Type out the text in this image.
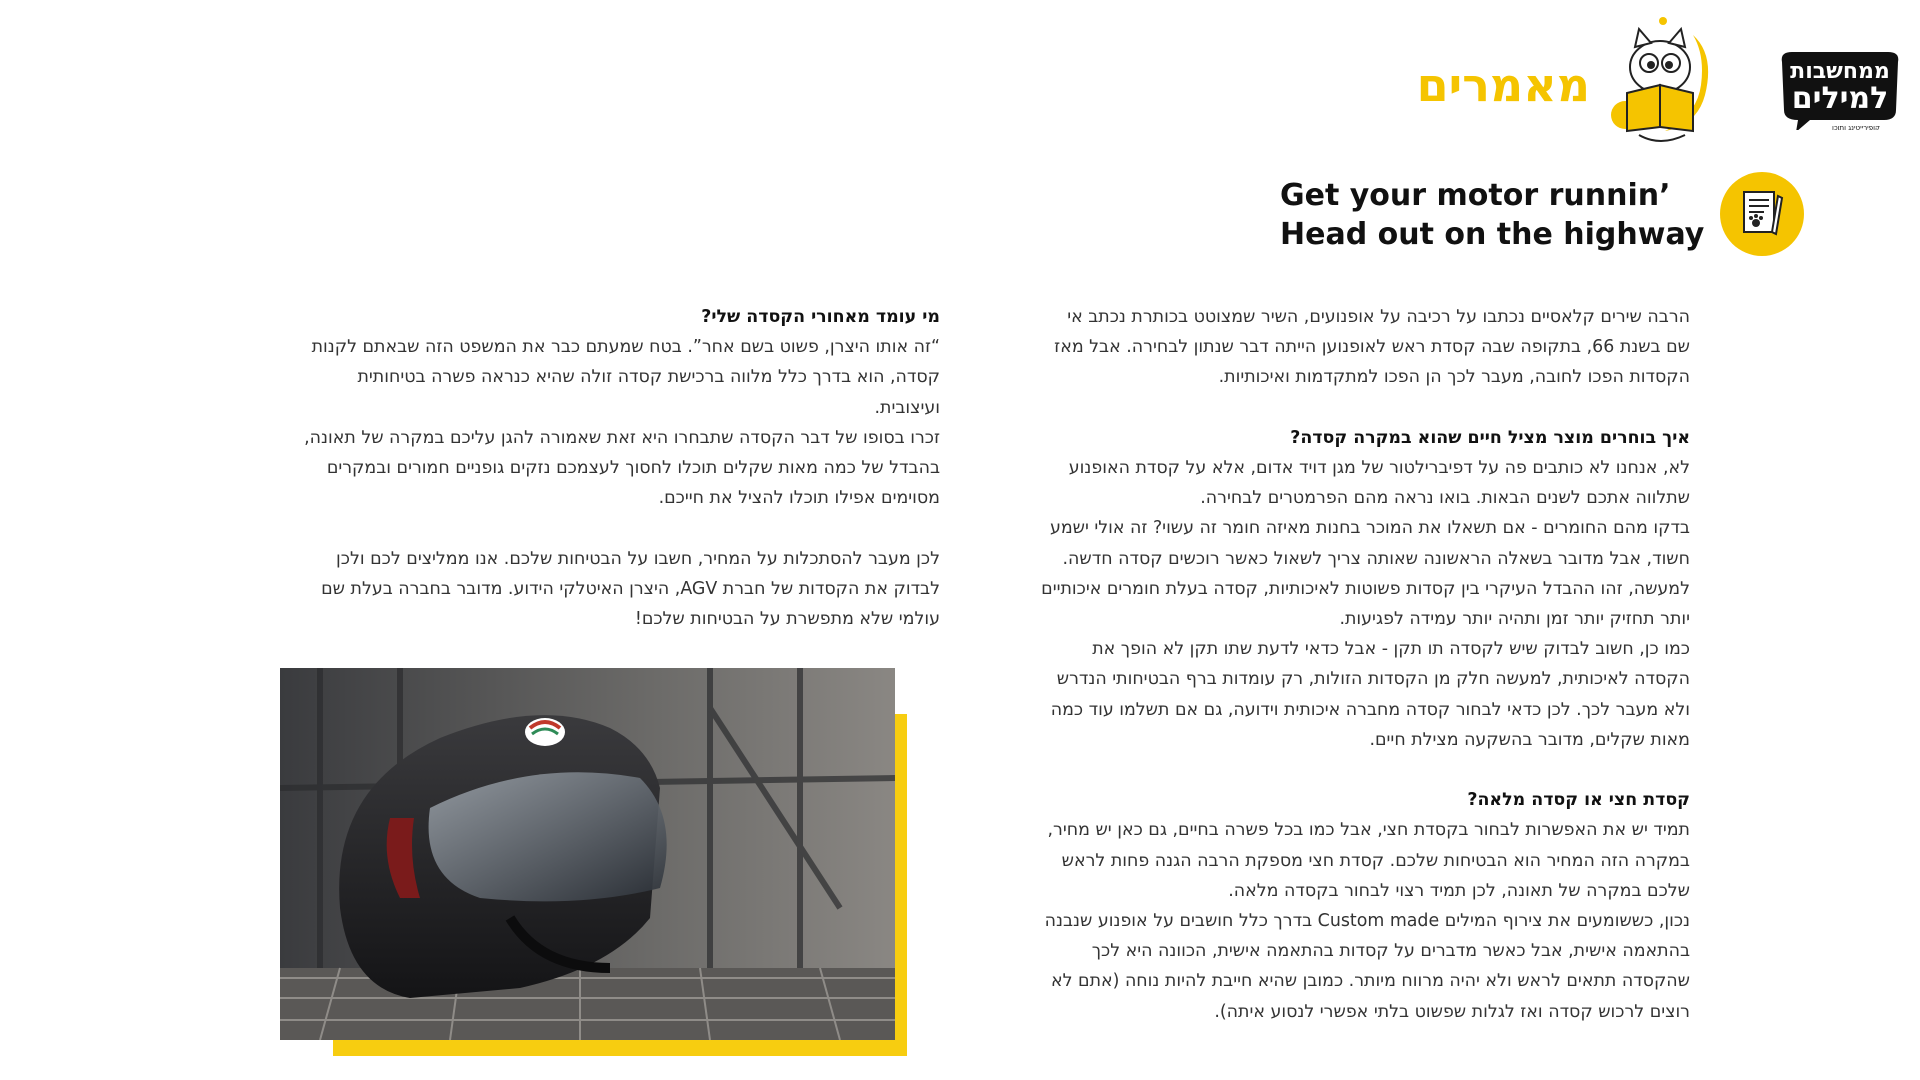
ממחשבות
למילים
קופירייטינג ותוכן
מאמרים
Get your motor runnin’
Head out on the highway

הרבה שירים קלאסיים נכתבו על רכיבה על אופנועים, השיר שמצוטט בכותרת נכתב אי

שם בשנת 66, בתקופה שבה קסדת ראש לאופנוען הייתה דבר שנתון לבחירה. אבל מאז

הקסדות הפכו לחובה, מעבר לכך הן הפכו למתקדמות ואיכותיות.

איך בוחרים מוצר מציל חיים שהוא במקרה קסדה?

לא, אנחנו לא כותבים פה על דפיברילטור של מגן דויד אדום, אלא על קסדת האופנוע

שתלווה אתכם לשנים הבאות. בואו נראה מהם הפרמטרים לבחירה.

בדקו מהם החומרים - אם תשאלו את המוכר בחנות מאיזה חומר זה עשוי? זה אולי ישמע

חשוד, אבל מדובר בשאלה הראשונה שאותה צריך לשאול כאשר רוכשים קסדה חדשה.

למעשה, זהו ההבדל העיקרי בין קסדות פשוטות לאיכותיות, קסדה בעלת חומרים איכותיים

יותר תחזיק יותר זמן ותהיה יותר עמידה לפגיעות.

כמו כן, חשוב לבדוק שיש לקסדה תו תקן - אבל כדאי לדעת שתו תקן לא הופך את

הקסדה לאיכותית, למעשה חלק מן הקסדות הזולות, רק עומדות ברף הבטיחותי הנדרש

ולא מעבר לכך. לכן כדאי לבחור קסדה מחברה איכותית וידועה, גם אם תשלמו עוד כמה

מאות שקלים, מדובר בהשקעה מצילת חיים.

קסדת חצי או קסדה מלאה?

תמיד יש את האפשרות לבחור בקסדת חצי, אבל כמו בכל פשרה בחיים, גם כאן יש מחיר,

במקרה הזה המחיר הוא הבטיחות שלכם. קסדת חצי מספקת הרבה הגנה פחות לראש

שלכם במקרה של תאונה, לכן תמיד רצוי לבחור בקסדה מלאה.

נכון, כששומעים את צירוף המילים Custom made בדרך כלל חושבים על אופנוע שנבנה

בהתאמה אישית, אבל כאשר מדברים על קסדות בהתאמה אישית, הכוונה היא לכך

שהקסדה תתאים לראש ולא יהיה מרווח מיותר. כמובן שהיא חייבת להיות נוחה (אתם לא

רוצים לרכוש קסדה ואז לגלות שפשוט בלתי אפשרי לנסוע איתה).

מי עומד מאחורי הקסדה שלי?

“זה אותו היצרן, פשוט בשם אחר”. בטח שמעתם כבר את המשפט הזה שבאתם לקנות

קסדה, הוא בדרך כלל מלווה ברכישת קסדה זולה שהיא כנראה פשרה בטיחותית

ועיצובית.

זכרו בסופו של דבר הקסדה שתבחרו היא זאת שאמורה להגן עליכם במקרה של תאונה,

בהבדל של כמה מאות שקלים תוכלו לחסוך לעצמכם נזקים גופניים חמורים ובמקרים

מסוימים אפילו תוכלו להציל את חייכם.

לכן מעבר להסתכלות על המחיר, חשבו על הבטיחות שלכם. אנו ממליצים לכם ולכן

לבדוק את הקסדות של חברת AGV, היצרן האיטלקי הידוע. מדובר בחברה בעלת שם

עולמי שלא מתפשרת על הבטיחות שלכם!
